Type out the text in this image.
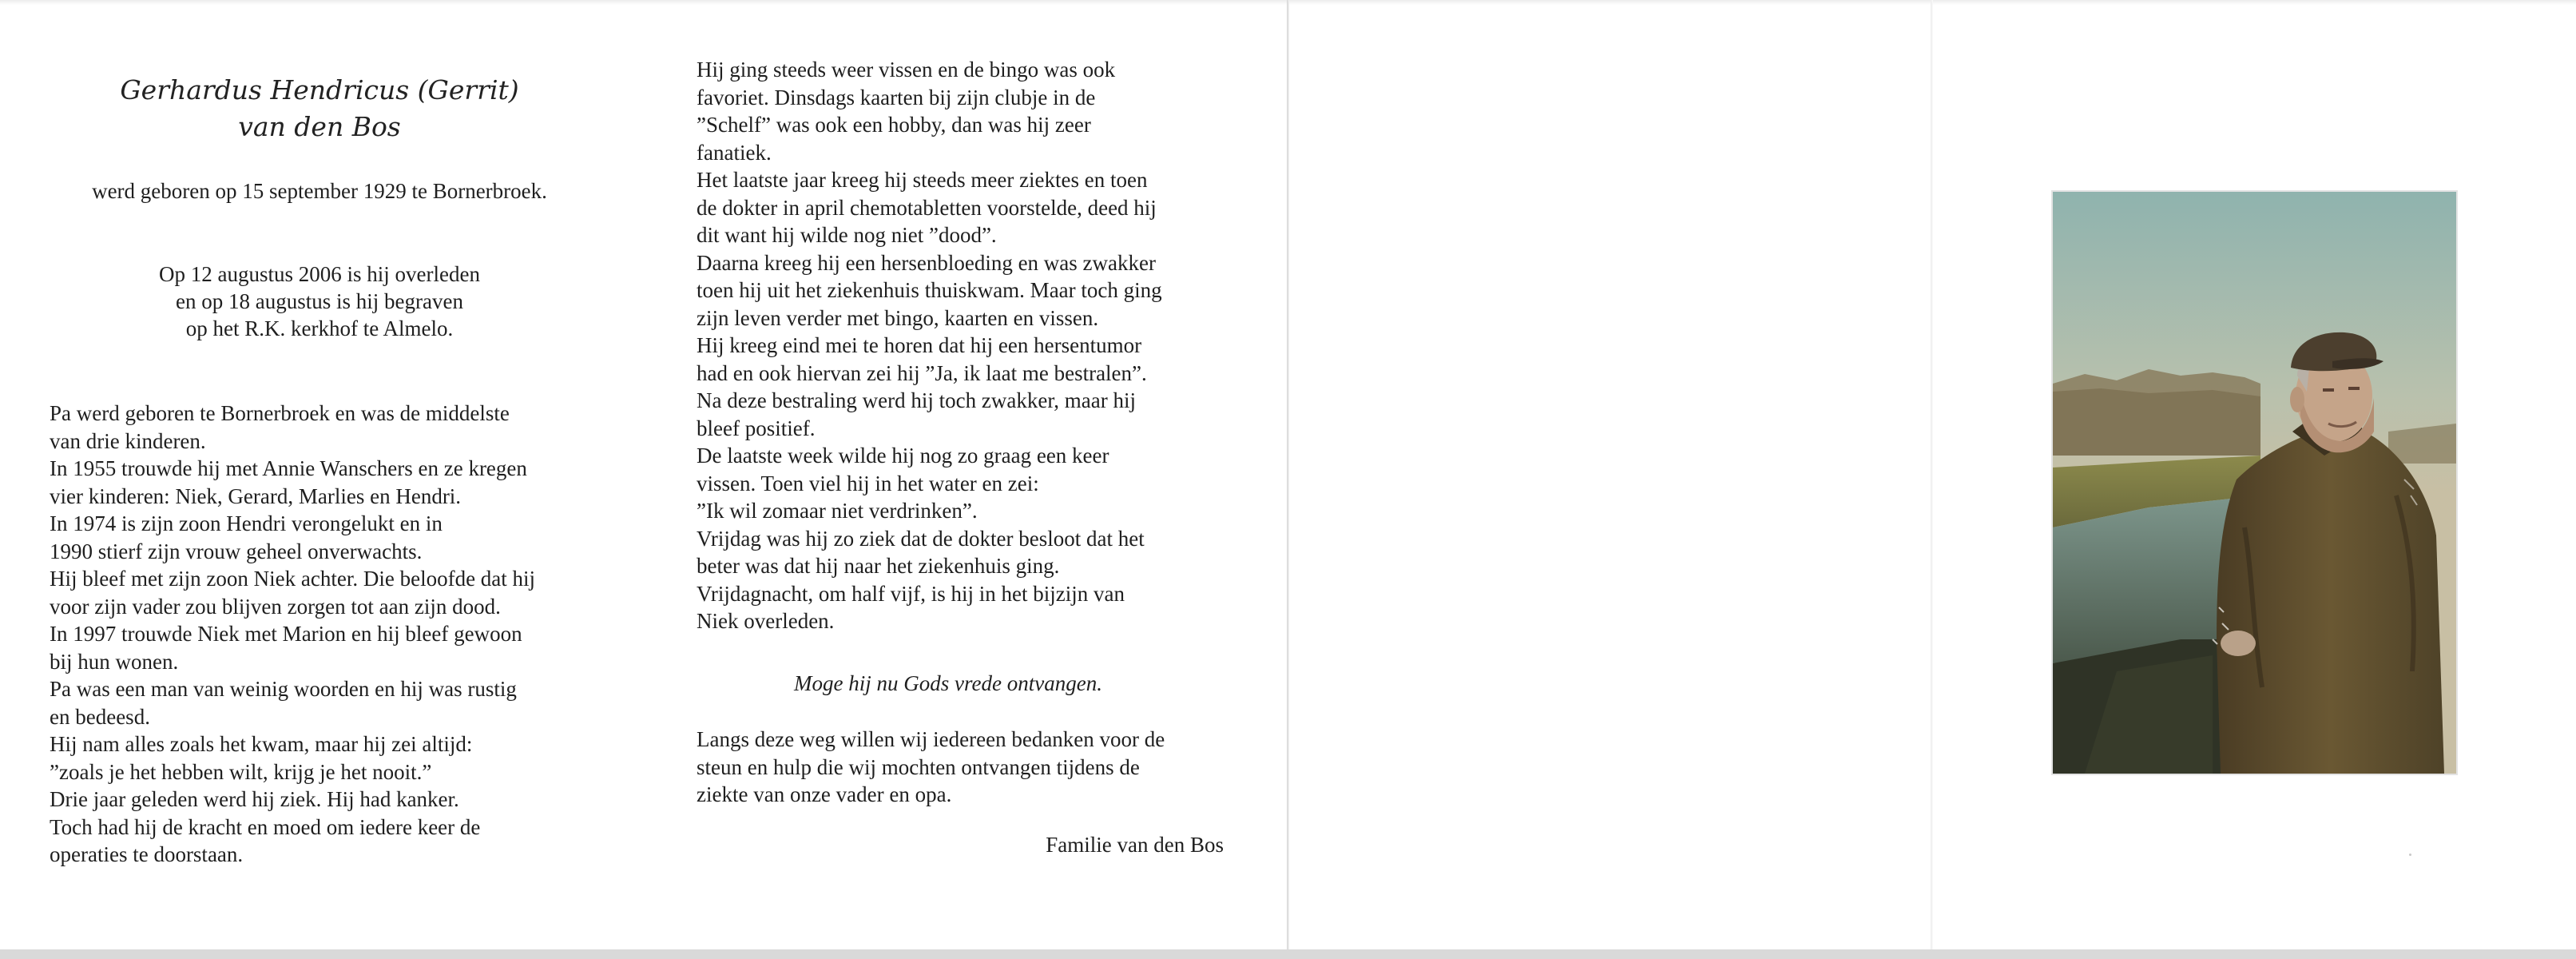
Gerhardus Hendricus (Gerrit)
van den Bos
werd geboren op 15 september 1929 te Bornerbroek.
Op 12 augustus 2006 is hij overleden
en op 18 augustus is hij begraven
op het R.K. kerkhof te Almelo.
Pa werd geboren te Bornerbroek en was de middelste
van drie kinderen.
In 1955 trouwde hij met Annie Wanschers en ze kregen
vier kinderen: Niek, Gerard, Marlies en Hendri.
In 1974 is zijn zoon Hendri verongelukt en in
1990 stierf zijn vrouw geheel onverwachts.
Hij bleef met zijn zoon Niek achter. Die beloofde dat hij
voor zijn vader zou blijven zorgen tot aan zijn dood.
In 1997 trouwde Niek met Marion en hij bleef gewoon
bij hun wonen.
Pa was een man van weinig woorden en hij was rustig
en bedeesd.
Hij nam alles zoals het kwam, maar hij zei altijd:
”zoals je het hebben wilt, krijg je het nooit.”
Drie jaar geleden werd hij ziek. Hij had kanker.
Toch had hij de kracht en moed om iedere keer de
operaties te doorstaan.
Hij ging steeds weer vissen en de bingo was ook
favoriet. Dinsdags kaarten bij zijn clubje in de
”Schelf” was ook een hobby, dan was hij zeer
fanatiek.
Het laatste jaar kreeg hij steeds meer ziektes en toen
de dokter in april chemotabletten voorstelde, deed hij
dit want hij wilde nog niet ”dood”.
Daarna kreeg hij een hersenbloeding en was zwakker
toen hij uit het ziekenhuis thuiskwam. Maar toch ging
zijn leven verder met bingo, kaarten en vissen.
Hij kreeg eind mei te horen dat hij een hersentumor
had en ook hiervan zei hij ”Ja, ik laat me bestralen”.
Na deze bestraling werd hij toch zwakker, maar hij
bleef positief.
De laatste week wilde hij nog zo graag een keer
vissen. Toen viel hij in het water en zei:
”Ik wil zomaar niet verdrinken”.
Vrijdag was hij zo ziek dat de dokter besloot dat het
beter was dat hij naar het ziekenhuis ging.
Vrijdagnacht, om half vijf, is hij in het bijzijn van
Niek overleden.
Moge hij nu Gods vrede ontvangen.
Langs deze weg willen wij iedereen bedanken voor de
steun en hulp die wij mochten ontvangen tijdens de
ziekte van onze vader en opa.
Familie van den Bos
